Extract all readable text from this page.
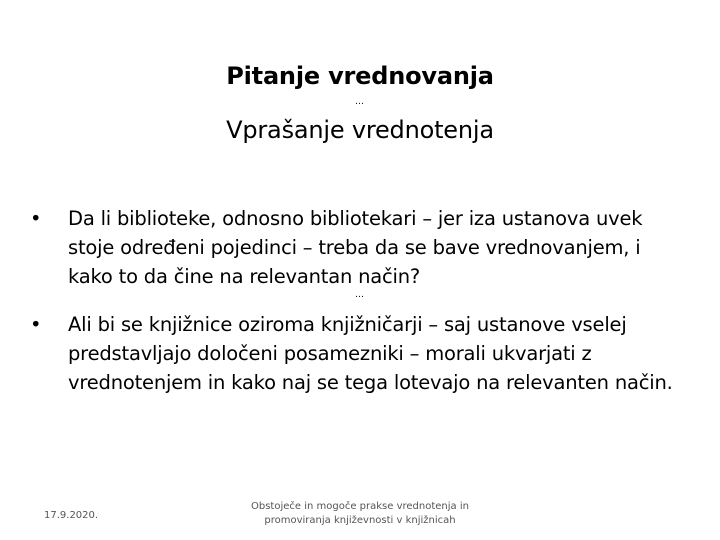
Pitanje vrednovanja
…
Vprašanje vrednotenja
•	Da li biblioteke, odnosno bibliotekari – jer iza ustanova uvek stoje određeni pojedinci – treba da se bave vrednovanjem, i kako to da čine na relevantan način?
…
•	Ali bi se knjižnice oziroma knjižničarji – saj ustanove vselej predstavljajo določeni posamezniki – morali ukvarjati z vrednotenjem in kako naj se tega lotevajo na relevanten način.
17.9.2020.
Obstoječe in mogoče prakse vrednotenja in
promoviranja književnosti v knjižnicah
